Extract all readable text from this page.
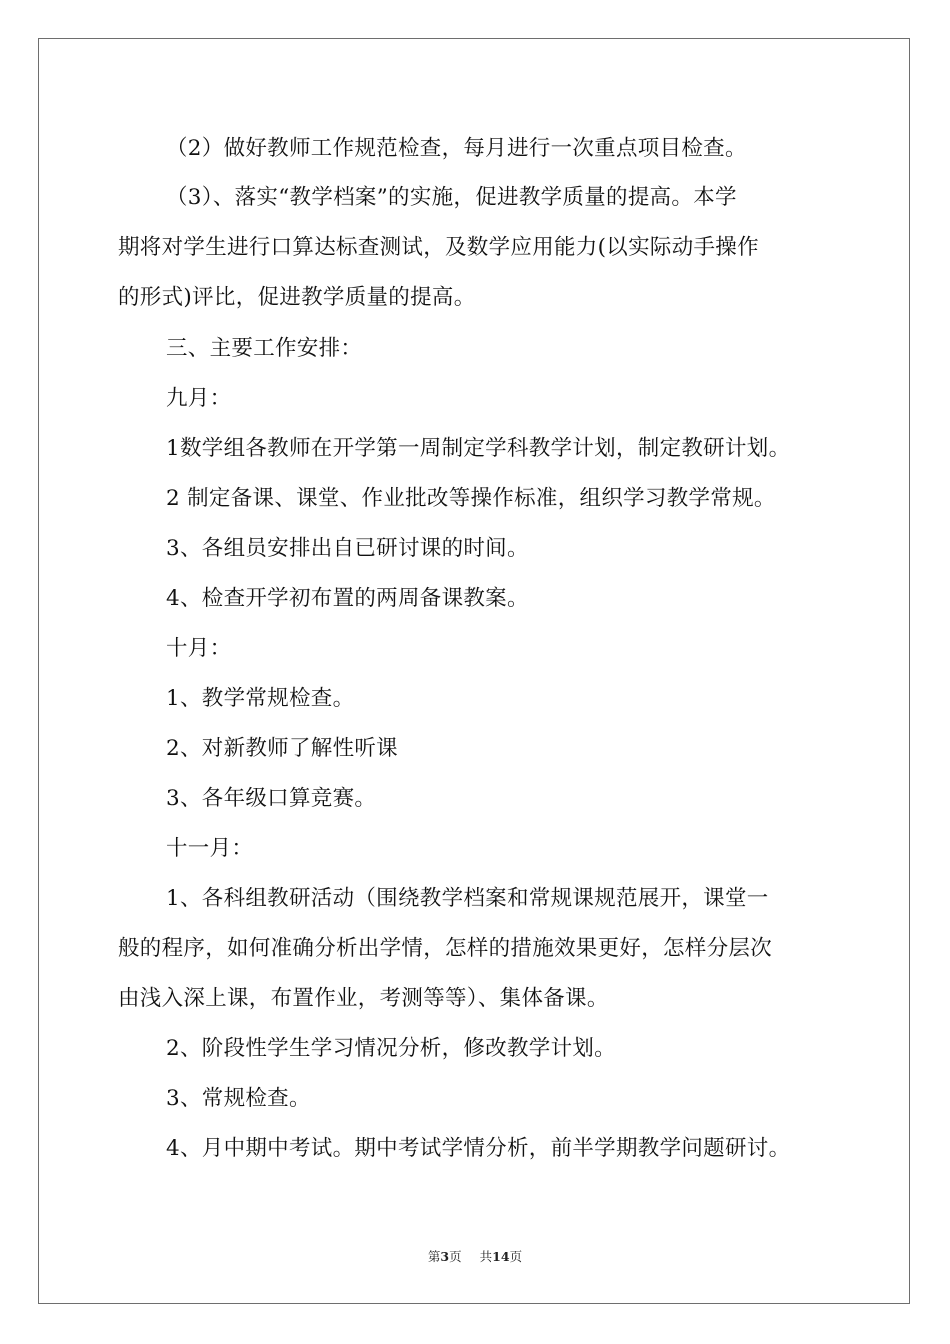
（2）做好教师工作规范检查，每月进行一次重点项目检查。
（3）、落实“教学档案”的实施，促进教学质量的提高。本学
期将对学生进行口算达标查测试，及数学应用能力(以实际动手操作
的形式)评比，促进教学质量的提高。
三、主要工作安排：
九月：
1数学组各教师在开学第一周制定学科教学计划，制定教研计划。
2 制定备课、课堂、作业批改等操作标准，组织学习教学常规。
3、各组员安排出自已研讨课的时间。
4、检查开学初布置的两周备课教案。
十月：
1、教学常规检查。
2、对新教师了解性听课
3、各年级口算竞赛。
十一月：
1、各科组教研活动（围绕教学档案和常规课规范展开，课堂一
般的程序，如何准确分析出学情，怎样的措施效果更好，怎样分层次
由浅入深上课，布置作业，考测等等）、集体备课。
2、阶段性学生学习情况分析，修改教学计划。
3、常规检查。
4、月中期中考试。期中考试学情分析，前半学期教学问题研讨。
第3页 共14页
